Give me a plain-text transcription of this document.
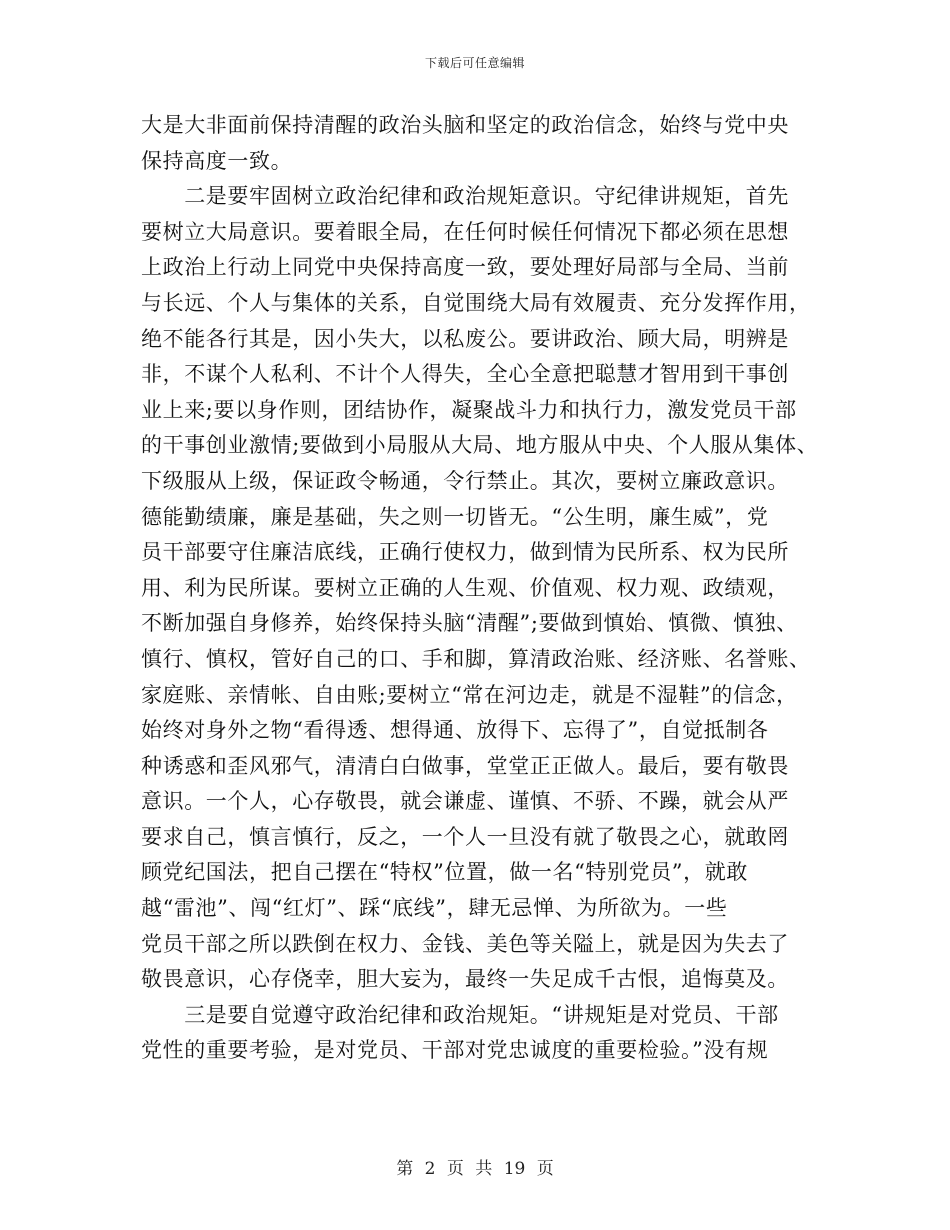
下载后可任意编辑
大是大非面前保持清醒的政治头脑和坚定的政治信念，始终与党中央
保持高度一致。
　　二是要牢固树立政治纪律和政治规矩意识。守纪律讲规矩，首先
要树立大局意识。要着眼全局，在任何时候任何情况下都必须在思想
上政治上行动上同党中央保持高度一致，要处理好局部与全局、当前
与长远、个人与集体的关系，自觉围绕大局有效履责、充分发挥作用，
绝不能各行其是，因小失大，以私废公。要讲政治、顾大局，明辨是
非，不谋个人私利、不计个人得失，全心全意把聪慧才智用到干事创
业上来;要以身作则，团结协作，凝聚战斗力和执行力，激发党员干部
的干事创业激情;要做到小局服从大局、地方服从中央、个人服从集体、
下级服从上级，保证政令畅通，令行禁止。其次，要树立廉政意识。
德能勤绩廉，廉是基础，失之则一切皆无。“公生明，廉生威”，党
员干部要守住廉洁底线，正确行使权力，做到情为民所系、权为民所
用、利为民所谋。要树立正确的人生观、价值观、权力观、政绩观，
不断加强自身修养，始终保持头脑“清醒”;要做到慎始、慎微、慎独、
慎行、慎权，管好自己的口、手和脚，算清政治账、经济账、名誉账、
家庭账、亲情帐、自由账;要树立“常在河边走，就是不湿鞋”的信念，
始终对身外之物“看得透、想得通、放得下、忘得了”，自觉抵制各
种诱惑和歪风邪气，清清白白做事，堂堂正正做人。最后，要有敬畏
意识。一个人，心存敬畏，就会谦虚、谨慎、不骄、不躁，就会从严
要求自己，慎言慎行，反之，一个人一旦没有就了敬畏之心，就敢罔
顾党纪国法，把自己摆在“特权”位置，做一名“特别党员”，就敢
越“雷池”、闯“红灯”、踩“底线”，肆无忌惮、为所欲为。一些
党员干部之所以跌倒在权力、金钱、美色等关隘上，就是因为失去了
敬畏意识，心存侥幸，胆大妄为，最终一失足成千古恨，追悔莫及。
　　三是要自觉遵守政治纪律和政治规矩。“讲规矩是对党员、干部
党性的重要考验，是对党员、干部对党忠诚度的重要检验。”没有规
第 2 页 共 19 页
